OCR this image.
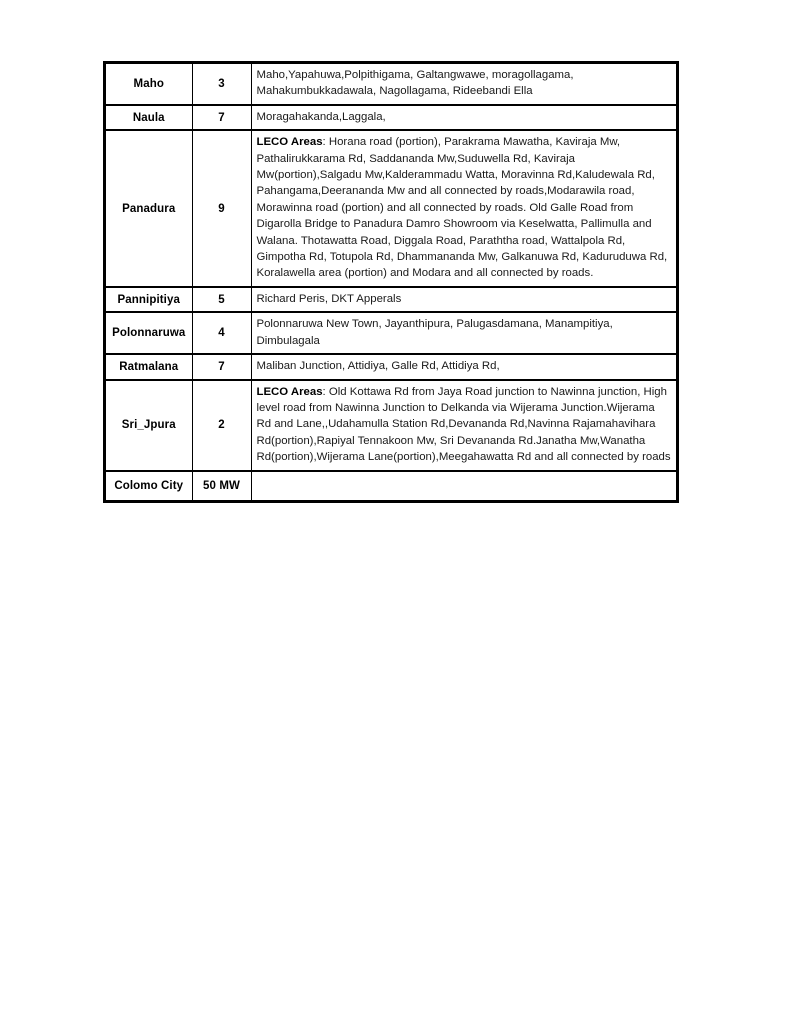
Maho	3	Maho,Yapahuwa,Polpithigama, Galtangwawe, moragollagama, Mahakumbukkadawala, Nagollagama, Rideebandi Ella

Naula	7	Moragahakanda,Laggala,

Panadura	9	LECO Areas: Horana road (portion), Parakrama Mawatha, Kaviraja Mw, Pathalirukkarama Rd, Saddananda Mw,Suduwella Rd, Kaviraja Mw(portion),Salgadu Mw,Kalderammadu Watta, Moravinna Rd,Kaludewala Rd, Pahangama,Deerananda Mw and all connected by roads,Modarawila road, Morawinna road (portion) and all connected by roads. Old Galle Road from Digarolla Bridge to Panadura Damro Showroom via Keselwatta, Pallimulla and Walana. Thotawatta Road, Diggala Road, Paraththa road, Wattalpola Rd, Gimpotha Rd, Totupola Rd, Dhammananda Mw, Galkanuwa Rd, Kaduruduwa Rd, Koralawella area (portion) and Modara and all connected by roads.

Pannipitiya	5	Richard Peris, DKT Apperals

Polonnaruwa	4	Polonnaruwa New Town, Jayanthipura, Palugasdamana, Manampitiya, Dimbulagala

Ratmalana	7	Maliban Junction, Attidiya, Galle Rd, Attidiya Rd,

Sri_Jpura	2	LECO Areas: Old Kottawa Rd from Jaya Road junction to Nawinna junction, High level road from Nawinna Junction to Delkanda via Wijerama Junction.Wijerama Rd and Lane,,Udahamulla Station Rd,Devananda Rd,Navinna Rajamahavihara Rd(portion),Rapiyal Tennakoon Mw, Sri Devananda Rd.Janatha Mw,Wanatha Rd(portion),Wijerama Lane(portion),Meegahawatta Rd and all connected by roads

Colomo City	50 MW	
